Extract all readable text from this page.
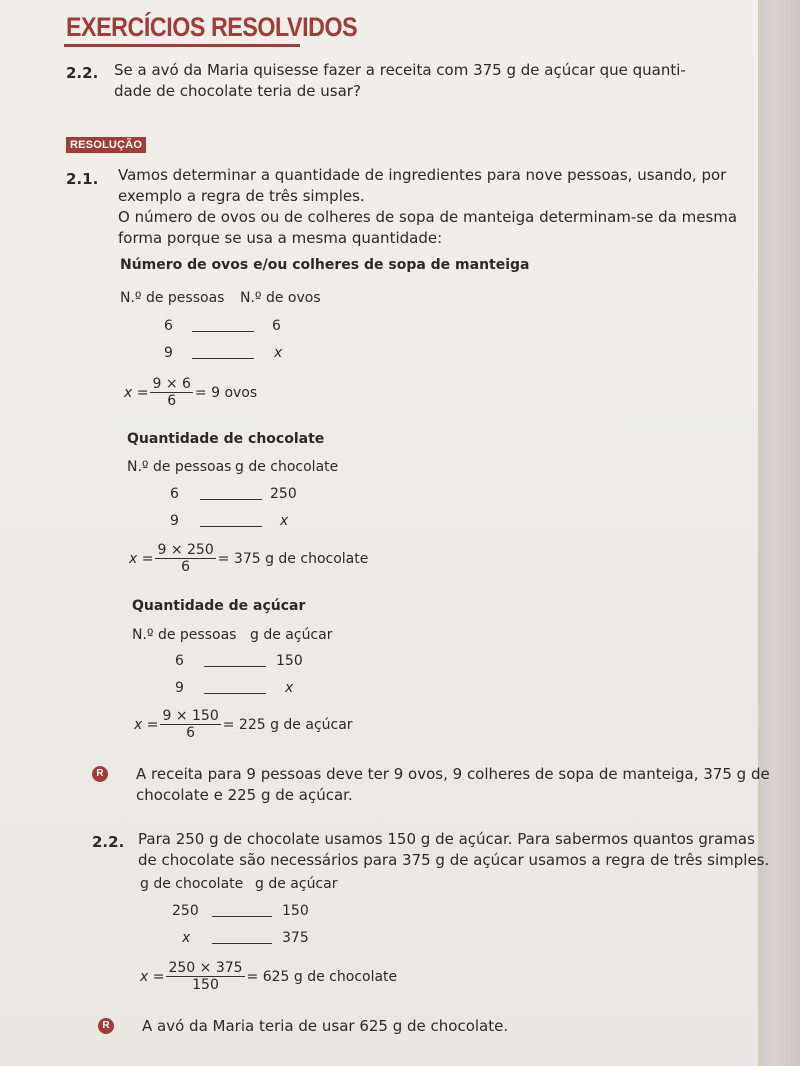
EXERCÍCIOS RESOLVIDOS
2.2. Se a avó da Maria quisesse fazer a receita com 375 g de açúcar que quanti-
dade de chocolate teria de usar?
RESOLUÇÃO
2.1. Vamos determinar a quantidade de ingredientes para nove pessoas, usando, por
exemplo a regra de três simples.
O número de ovos ou de colheres de sopa de manteiga determinam-se da mesma
forma porque se usa a mesma quantidade:
Número de ovos e/ou colheres de sopa de manteiga
N.º de pessoas N.º de ovos
6	6
9	x
$x = \frac{9 \times 6}{6} = 9$ ovos
Quantidade de chocolate
N.º de pessoas g de chocolate
6	250
9	x
$x = \frac{9 \times 250}{6} = 375$ g de chocolate
Quantidade de açúcar
N.º de pessoas g de açúcar
6	150
9	x
$x = \frac{9 \times 150}{6} = 225$ g de açúcar
R A receita para 9 pessoas deve ter 9 ovos, 9 colheres de sopa de manteiga, 375 g de
chocolate e 225 g de açúcar.
2.2. Para 250 g de chocolate usamos 150 g de açúcar. Para sabermos quantos gramas
de chocolate são necessários para 375 g de açúcar usamos a regra de três simples.
g de chocolate g de açúcar
250	150
x	375
$x = \frac{250 \times 375}{150} = 625$ g de chocolate
R A avó da Maria teria de usar 625 g de chocolate.
